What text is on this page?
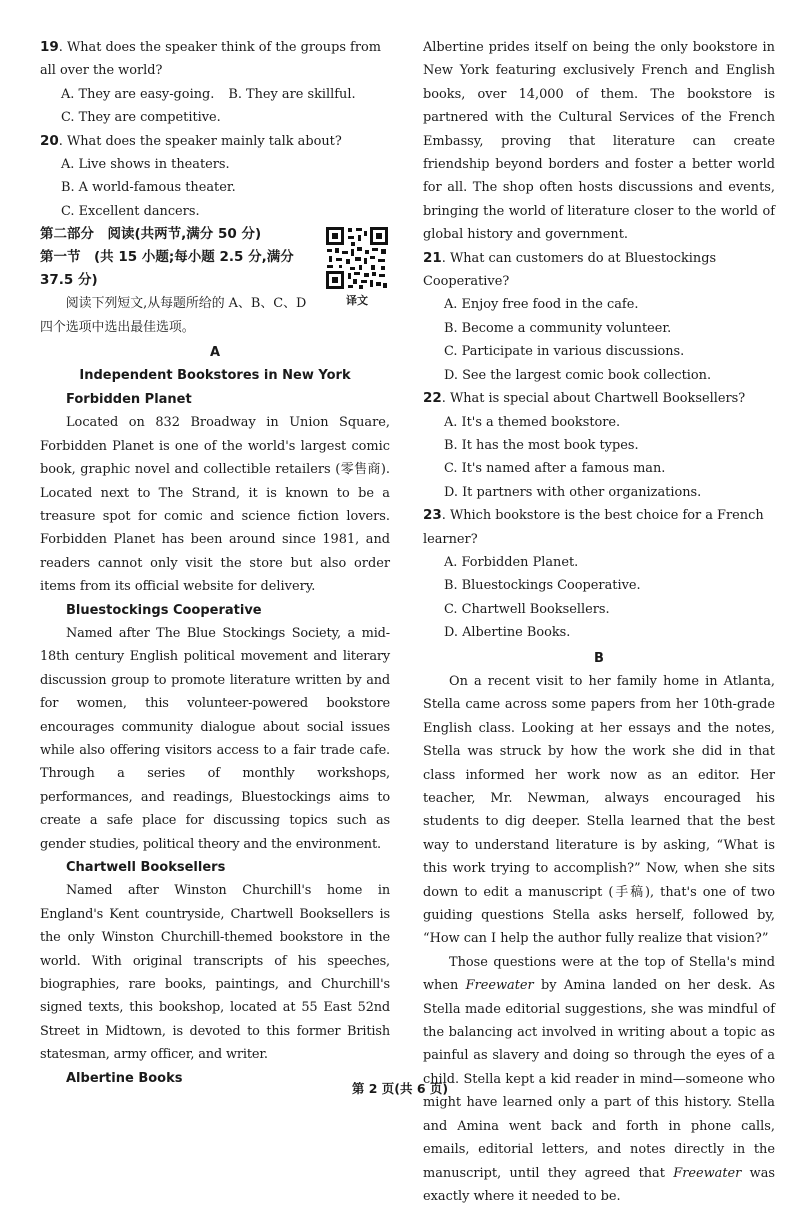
19. What does the speaker think of the groups from all over the world?
A. They are easy-going. B. They are skillful.
C. They are competitive.
20. What does the speaker mainly talk about?
A. Live shows in theaters.
B. A world-famous theater.
C. Excellent dancers.
第二部分　阅读(共两节,满分 50 分)
第一节　(共 15 小题;每小题 2.5 分,满分 37.5 分)
译文
阅读下列短文,从每题所给的 A、B、C、D 四个选项中选出最佳选项。
A
Independent Bookstores in New York
Forbidden Planet

Located on 832 Broadway in Union Square, Forbidden Planet is one of the world's largest comic book, graphic novel and collectible retailers (零售商). Located next to The Strand, it is known to be a treasure spot for comic and science fiction lovers. Forbidden Planet has been around since 1981, and readers cannot only visit the store but also order items from its official website for delivery.

Bluestockings Cooperative

Named after The Blue Stockings Society, a mid-18th century English political movement and literary discussion group to promote literature written by and for women, this volunteer-powered bookstore encourages community dialogue about social issues while also offering visitors access to a fair trade cafe. Through a series of monthly workshops, performances, and readings, Bluestockings aims to create a safe place for discussing topics such as gender studies, political theory and the environment.

Chartwell Booksellers

Named after Winston Churchill's home in England's Kent countryside, Chartwell Booksellers is the only Winston Churchill-themed bookstore in the world. With original transcripts of his speeches, biographies, rare books, paintings, and Churchill's signed texts, this bookshop, located at 55 East 52nd Street in Midtown, is devoted to this former British statesman, army officer, and writer.

Albertine Books

Albertine prides itself on being the only bookstore in New York featuring exclusively French and English books, over 14,000 of them. The bookstore is partnered with the Cultural Services of the French Embassy, proving that literature can create friendship beyond borders and foster a better world for all. The shop often hosts discussions and events, bringing the world of literature closer to the world of global history and government.

21. What can customers do at Bluestockings Cooperative?
A. Enjoy free food in the cafe.
B. Become a community volunteer.
C. Participate in various discussions.
D. See the largest comic book collection.
22. What is special about Chartwell Booksellers?
A. It's a themed bookstore.
B. It has the most book types.
C. It's named after a famous man.
D. It partners with other organizations.
23. Which bookstore is the best choice for a French learner?
A. Forbidden Planet.
B. Bluestockings Cooperative.
C. Chartwell Booksellers.
D. Albertine Books.
B

On a recent visit to her family home in Atlanta, Stella came across some papers from her 10th-grade English class. Looking at her essays and the notes, Stella was struck by how the work she did in that class informed her work now as an editor. Her teacher, Mr. Newman, always encouraged his students to dig deeper. Stella learned that the best way to understand literature is by asking, “What is this work trying to accomplish?” Now, when she sits down to edit a manuscript (手稿), that's one of two guiding questions Stella asks herself, followed by, “How can I help the author fully realize that vision?”

Those questions were at the top of Stella's mind when Freewater by Amina landed on her desk. As Stella made editorial suggestions, she was mindful of the balancing act involved in writing about a topic as painful as slavery and doing so through the eyes of a child. Stella kept a kid reader in mind—someone who might have learned only a part of this history. Stella and Amina went back and forth in phone calls, emails, editorial letters, and notes directly in the manuscript, until they agreed that Freewater was exactly where it needed to be.

第 2 页(共 6 页)
